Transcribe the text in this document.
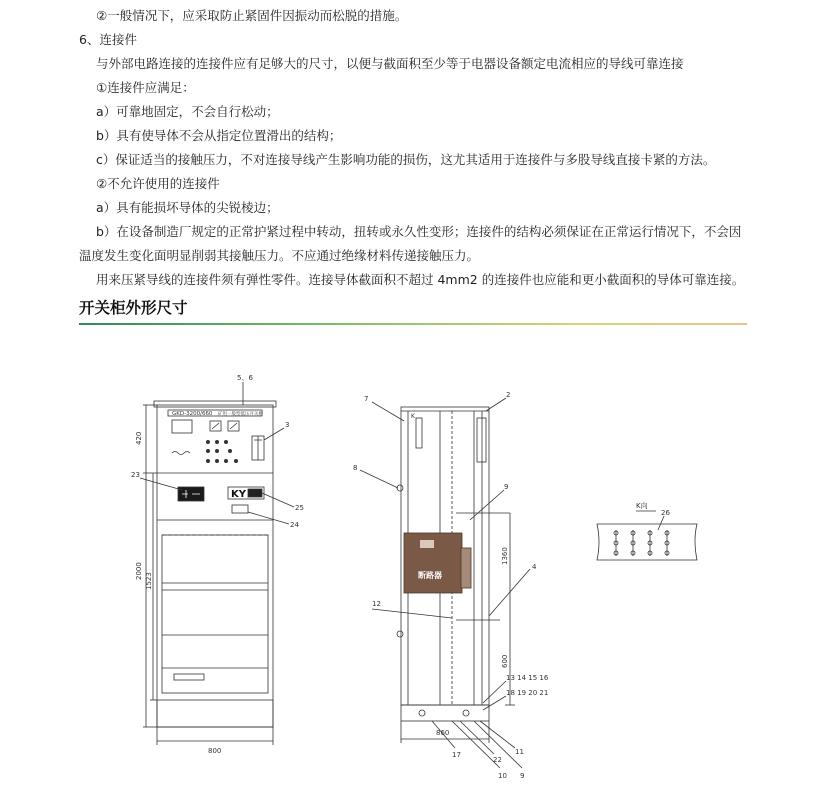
②一般情况下，应采取防止紧固件因振动而松脱的措施。
6、连接件
与外部电路连接的连接件应有足够大的尺寸，以便与截面积至少等于电器设备额定电流相应的导线可靠连接
①连接件应满足：
a）可靠地固定，不会自行松动；
b）具有使导体不会从指定位置滑出的结构；
c）保证适当的接触压力，不对连接导线产生影响功能的损伤，这尤其适用于连接件与多股导线直接卡紧的方法。
②不允许使用的连接件
a）具有能损坏导体的尖锐棱边；
b）在设备制造厂规定的正常护紧过程中转动，扭转或永久性变形；连接件的结构必须保证在正常运行情况下，不会因
温度发生变化面明显削弱其接触压力。不应通过绝缘材料传递接触压力。
用来压紧导线的连接件须有弹性零件。连接导体截面积不超过 4mm2 的连接件也应能和更小截面积的导体可靠连接。
开关柜外形尺寸
GKD-3200/660 矿用一般型低压开关柜
KY
420
2000
1523
800
5、6
3
23
25
24
K
断路器
1360
600
860
7	2
8
9
4
12
13 14 15 16
18 19 20 21
17
22
11
10 9
K向
26
